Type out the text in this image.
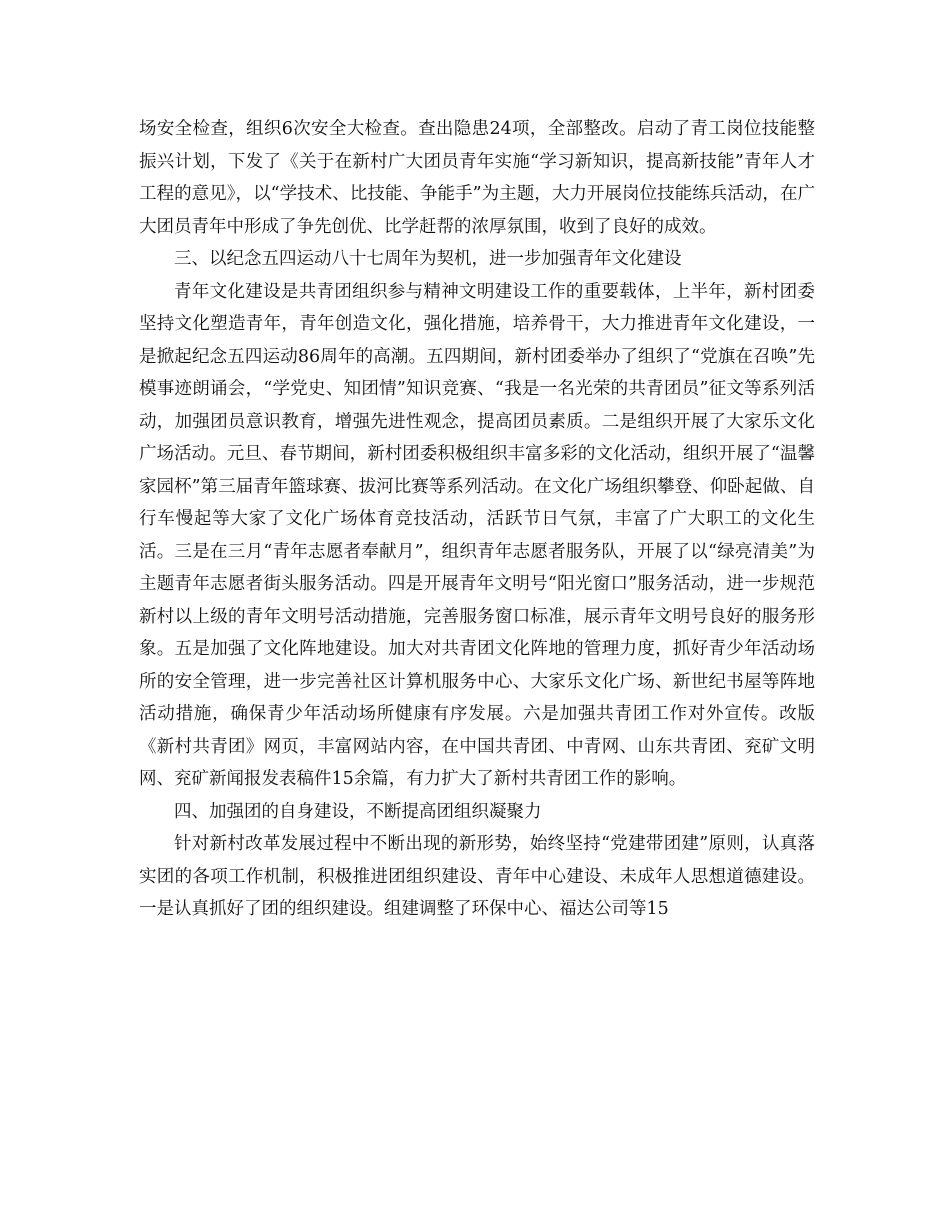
场安全检查，组织6次安全大检查。查出隐患24项，全部整改。启动了青工岗位技能整振兴计划，下发了《关于在新村广大团员青年实施“学习新知识，提高新技能”青年人才工程的意见》，以“学技术、比技能、争能手”为主题，大力开展岗位技能练兵活动，在广大团员青年中形成了争先创优、比学赶帮的浓厚氛围，收到了良好的成效。

三、以纪念五四运动八十七周年为契机，进一步加强青年文化建设

青年文化建设是共青团组织参与精神文明建设工作的重要载体，上半年，新村团委坚持文化塑造青年，青年创造文化，强化措施，培养骨干，大力推进青年文化建设，一是掀起纪念五四运动86周年的高潮。五四期间，新村团委举办了组织了“党旗在召唤”先模事迹朗诵会，“学党史、知团情”知识竞赛、“我是一名光荣的共青团员”征文等系列活动，加强团员意识教育，增强先进性观念，提高团员素质。二是组织开展了大家乐文化广场活动。元旦、春节期间，新村团委积极组织丰富多彩的文化活动，组织开展了“温馨家园杯”第三届青年篮球赛、拔河比赛等系列活动。在文化广场组织攀登、仰卧起做、自行车慢起等大家了文化广场体育竞技活动，活跃节日气氛，丰富了广大职工的文化生活。三是在三月“青年志愿者奉献月”，组织青年志愿者服务队，开展了以“绿亮清美”为主题青年志愿者街头服务活动。四是开展青年文明号“阳光窗口”服务活动，进一步规范新村以上级的青年文明号活动措施，完善服务窗口标准，展示青年文明号良好的服务形象。五是加强了文化阵地建设。加大对共青团文化阵地的管理力度，抓好青少年活动场所的安全管理，进一步完善社区计算机服务中心、大家乐文化广场、新世纪书屋等阵地活动措施，确保青少年活动场所健康有序发展。六是加强共青团工作对外宣传。改版《新村共青团》网页，丰富网站内容，在中国共青团、中青网、山东共青团、兖矿文明网、兖矿新闻报发表稿件15余篇，有力扩大了新村共青团工作的影响。

四、加强团的自身建设，不断提高团组织凝聚力

针对新村改革发展过程中不断出现的新形势，始终坚持“党建带团建”原则，认真落实团的各项工作机制，积极推进团组织建设、青年中心建设、未成年人思想道德建设。一是认真抓好了团的组织建设。组建调整了环保中心、福达公司等15
